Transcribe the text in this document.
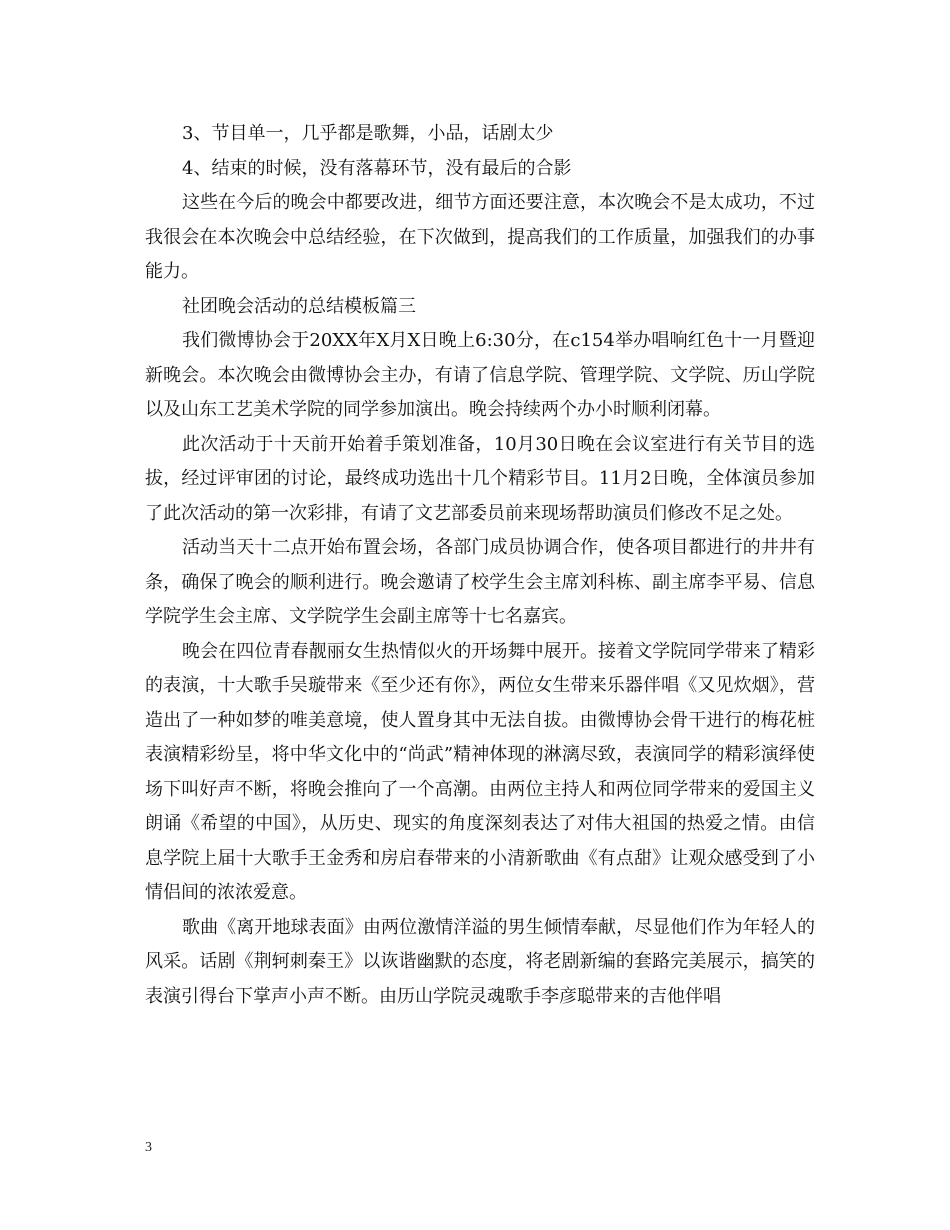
3、节目单一，几乎都是歌舞，小品，话剧太少

4、结束的时候，没有落幕环节，没有最后的合影

这些在今后的晚会中都要改进，细节方面还要注意，本次晚会不是太成功，不过我很会在本次晚会中总结经验，在下次做到，提高我们的工作质量，加强我们的办事能力。

社团晚会活动的总结模板篇三

我们微博协会于20XX年X月X日晚上6:30分，在c154举办唱响红色十一月暨迎新晚会。本次晚会由微博协会主办，有请了信息学院、管理学院、文学院、历山学院以及山东工艺美术学院的同学参加演出。晚会持续两个办小时顺利闭幕。

此次活动于十天前开始着手策划准备，10月30日晚在会议室进行有关节目的选拔，经过评审团的讨论，最终成功选出十几个精彩节目。11月2日晚，全体演员参加了此次活动的第一次彩排，有请了文艺部委员前来现场帮助演员们修改不足之处。

活动当天十二点开始布置会场，各部门成员协调合作，使各项目都进行的井井有条，确保了晚会的顺利进行。晚会邀请了校学生会主席刘科栋、副主席李平易、信息学院学生会主席、文学院学生会副主席等十七名嘉宾。

晚会在四位青春靓丽女生热情似火的开场舞中展开。接着文学院同学带来了精彩的表演，十大歌手吴璇带来《至少还有你》，两位女生带来乐器伴唱《又见炊烟》，营造出了一种如梦的唯美意境，使人置身其中无法自拔。由微博协会骨干进行的梅花桩表演精彩纷呈，将中华文化中的“尚武”精神体现的淋漓尽致，表演同学的精彩演绎使场下叫好声不断，将晚会推向了一个高潮。由两位主持人和两位同学带来的爱国主义朗诵《希望的中国》，从历史、现实的角度深刻表达了对伟大祖国的热爱之情。由信息学院上届十大歌手王金秀和房启春带来的小清新歌曲《有点甜》让观众感受到了小情侣间的浓浓爱意。

歌曲《离开地球表面》由两位激情洋溢的男生倾情奉献，尽显他们作为年轻人的风采。话剧《荆轲刺秦王》以诙谐幽默的态度，将老剧新编的套路完美展示，搞笑的表演引得台下掌声小声不断。由历山学院灵魂歌手李彦聪带来的吉他伴唱

3
